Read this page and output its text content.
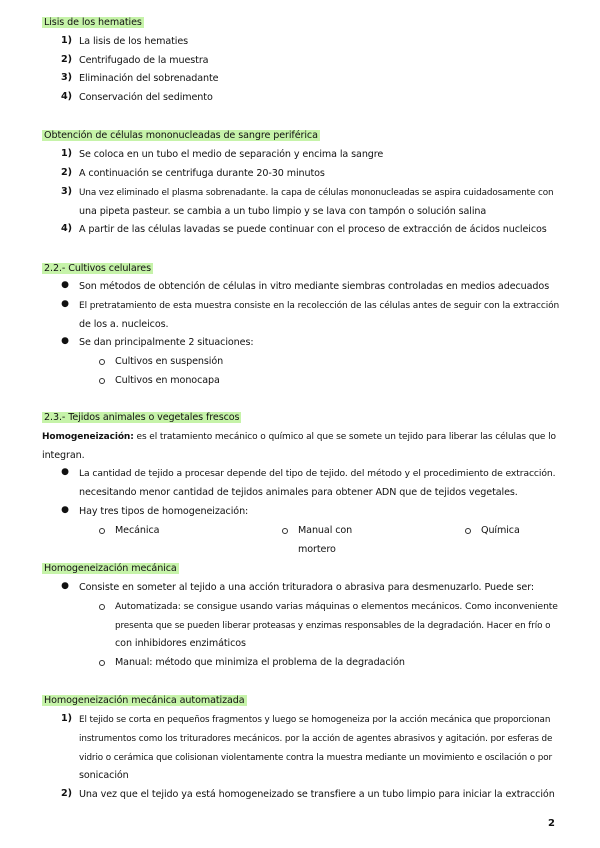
Lisis de los hematies
1) La lisis de los hematies
2) Centrifugado de la muestra
3) Eliminación del sobrenadante
4) Conservación del sedimento
Obtención de células mononucleadas de sangre periférica
1) Se coloca en un tubo el medio de separación y encima la sangre
2) A continuación se centrifuga durante 20-30 minutos
3) Una vez eliminado el plasma sobrenadante. la capa de células mononucleadas se aspira cuidadosamente con
una pipeta pasteur. se cambia a un tubo limpio y se lava con tampón o solución salina
4) A partir de las células lavadas se puede continuar con el proceso de extracción de ácidos nucleicos
2.2.- Cultivos celulares
● Son métodos de obtención de células in vitro mediante siembras controladas en medios adecuados
● El pretratamiento de esta muestra consiste en la recolección de las células antes de seguir con la extracción
de los a. nucleicos.
● Se dan principalmente 2 situaciones:
Cultivos en suspensión
Cultivos en monocapa
2.3.- Tejidos animales o vegetales frescos
Homogeneización: es el tratamiento mecánico o químico al que se somete un tejido para liberar las células que lo
integran.
● La cantidad de tejido a procesar depende del tipo de tejido. del método y el procedimiento de extracción.
necesitando menor cantidad de tejidos animales para obtener ADN que de tejidos vegetales.
● Hay tres tipos de homogeneización:
Mecánica	Manual con
mortero
Química
Homogeneización mecánica
● Consiste en someter al tejido a una acción trituradora o abrasiva para desmenuzarlo. Puede ser:
Automatizada: se consigue usando varias máquinas o elementos mecánicos. Como inconveniente
presenta que se pueden liberar proteasas y enzimas responsables de la degradación. Hacer en frío o
con inhibidores enzimáticos
Manual: método que minimiza el problema de la degradación
Homogeneización mecánica automatizada
1) El tejido se corta en pequeños fragmentos y luego se homogeneiza por la acción mecánica que proporcionan
instrumentos como los trituradores mecánicos. por la acción de agentes abrasivos y agitación. por esferas de
vidrio o cerámica que colisionan violentamente contra la muestra mediante un movimiento e oscilación o por
sonicación
2) Una vez que el tejido ya está homogeneizado se transfiere a un tubo limpio para iniciar la extracción
2
